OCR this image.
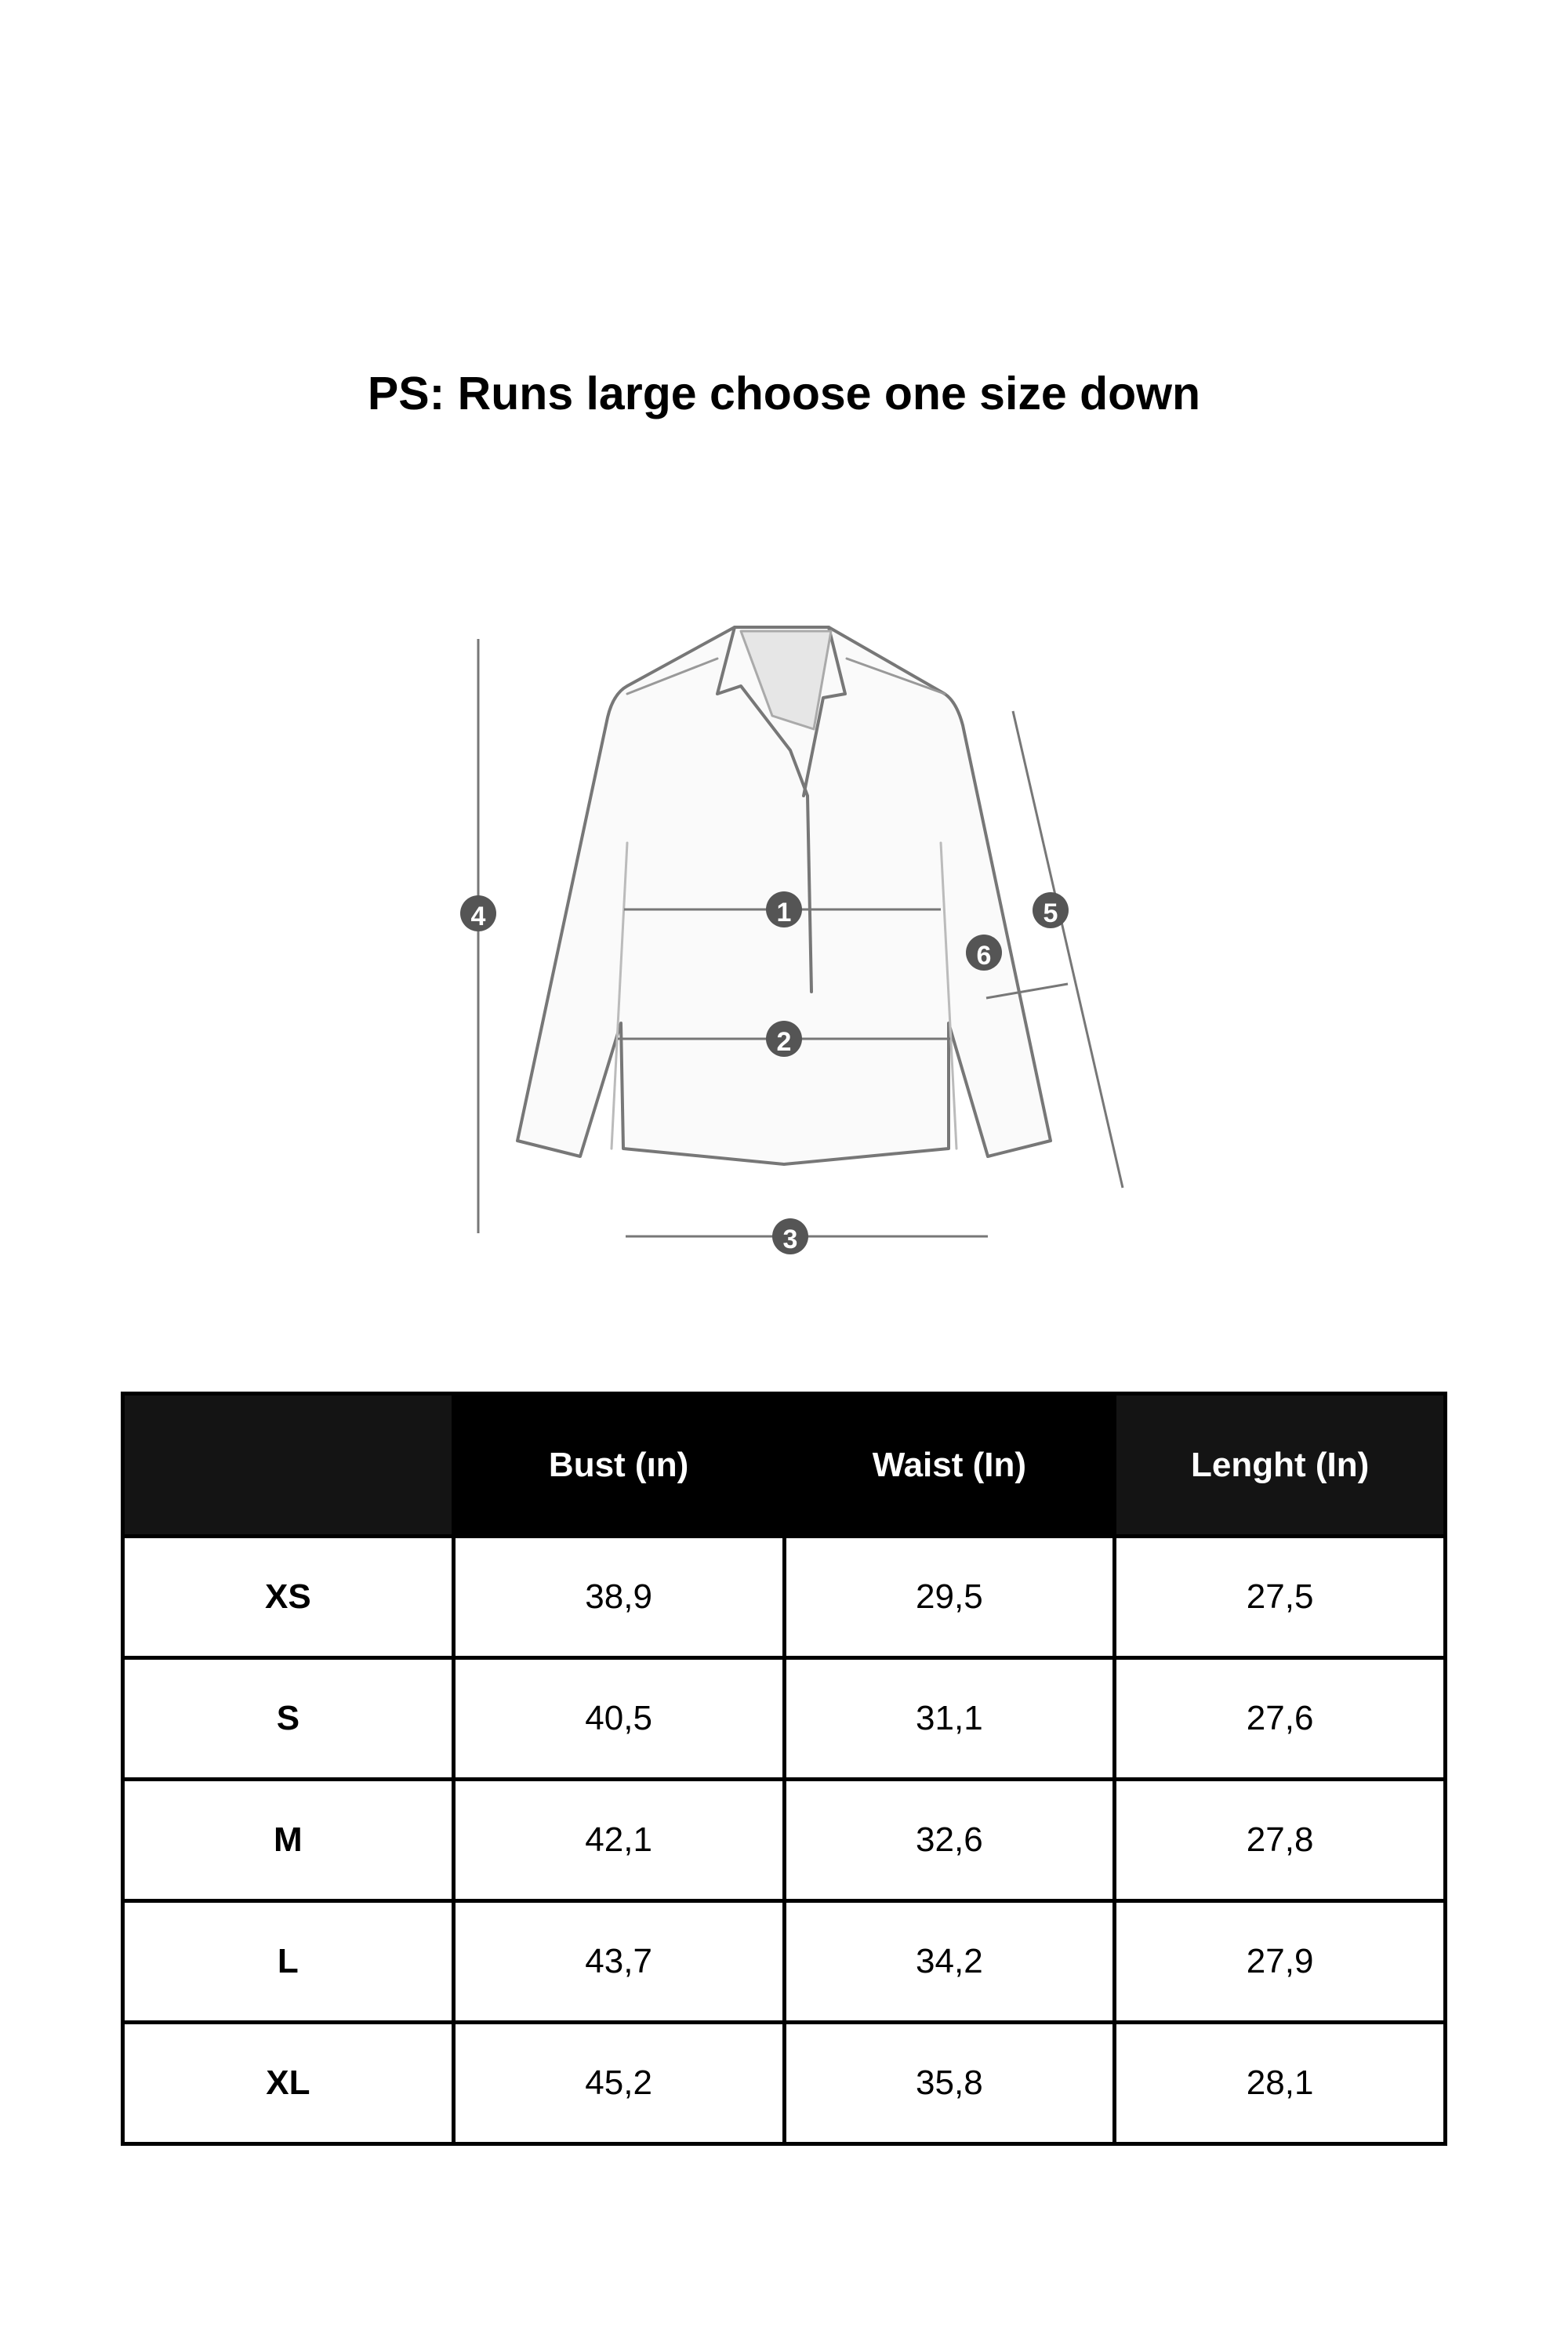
PS: Runs large choose one size down
1
2
3
4	5
6
	Bust (ın)	Waist (In)	Lenght (In)
XS	38,9	29,5	27,5
S	40,5	31,1	27,6
M	42,1	32,6	27,8
L	43,7	34,2	27,9
XL	45,2	35,8	28,1
